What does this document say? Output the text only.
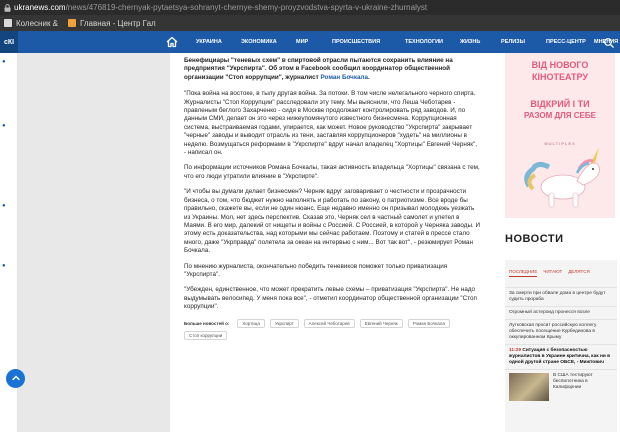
ukranews.com /news/476819-chernyak-pytaetsya-sohranyt-chernye-shemy-proyzvodstva-spyrta-v-ukraine-zhurnalyst
Колесник &	Главная - Центр Гал
сКІ	УКРАИНА	ЭКОНОМИКА	МИР	ПРОИСШЕСТВИЯ	ТЕХНОЛОГИИ	ЖИЗНЬ	РЕЛИЗЫ	ПРЕСС-ЦЕНТР МНЕНИЯ
●
●
●
●

Бенефициары "теневых схем" в спиртовой отрасли пытаются сохранить влияние на предприятия "Укрспирта". Об этом в Facebook сообщил координатор общественной организации "Стоп коррупции", журналист Роман Бочкала.

"Пока война на востоке, в тылу другая война. За потоки. В том числе нелегального черного спирта. Журналисты "Стоп Коррупции" расследовали эту тему. Мы выяснили, что Леша Чеботарев - правленым беглого Захарченко - сидя в Москве продолжает контролировать ряд заводов. И, по данным СМИ, делает он это через нижеупомянутого известного бизнесмена. Коррупционная система, выстраиваемая годами, упирается, как может. Новое руководство "Укрспирта" закрывает "черные" заводы и выводит отрасль из тени, заставляя коррупционеров "худеть" на миллионы в неделю. Возмущаться реформами в "Укрспирте" вдруг начал владелец "Хортицы" Евгений Черняк", - написал он.

По информации источников Романа Бочкалы, такая активность владельца "Хортицы" связана с тем, что его люди утратили влияние в "Укрспирте".

"И чтобы вы думали делает бизнесмен? Черняк вдруг заговаривает о честности и прозрачности бизнеса, о том, что бюджет нужно наполнять и работать по закону, о патриотизме. Все вроде бы правильно, скажете вы, если не один нюанс. Еще недавно именно он призывал молодежь уезжать из Украины. Мол, нет здесь перспектив. Сказав это, Черняк сел в частный самолет и улетел в Маями. В его мир, далекий от нищеты и войны с Россией. С Россией, в которой у Черняка заводы. И этому есть доказательства, над которыми мы сейчас работаем. Поэтому и статей в прессе стало много, даже "Укрправда" полетела за океан на интервью с ним... Вот так вот", - резюмирует Роман Бочкала.

По мнению журналиста, окончательно победить теневиков поможет только приватизация "Укрспирта".

"Убежден, единственное, что может прекратить левые схемы – приватизация "Укрспирта". Не надо выдумывать велосипед. У меня пока все", - отметил координатор общественной организации "Стоп коррупции".

Больше новостей о:	Хортица	Укрспирт	Алексей Чеботарев	Евгений Черняк	Роман Бочкала
Стоп коррупции
ВІД НОВОГО
КІНОТЕАТРУ
ВІДКРИЙ І ТИ
РАЗОМ ДЛЯ СЕБЕ
MULTIPLEX
НОВОСТИ
ПОСЛЕДНИЕ ЧИТАЮТ ДЕЛЯТСЯ
За смерти при обвале дома в центре будут судить прораба
Огромный астероид пронесся возле
Лутковская просит российскую коллегу обеспечить посещение Курбединова в оккупированном Крыму
11:29 Ситуация с безопасностью журналистов в Украине критична, как ни в одной другой стране ОБСЕ, - Мижтович
В США тестируют беспилотника в Калифорнии
